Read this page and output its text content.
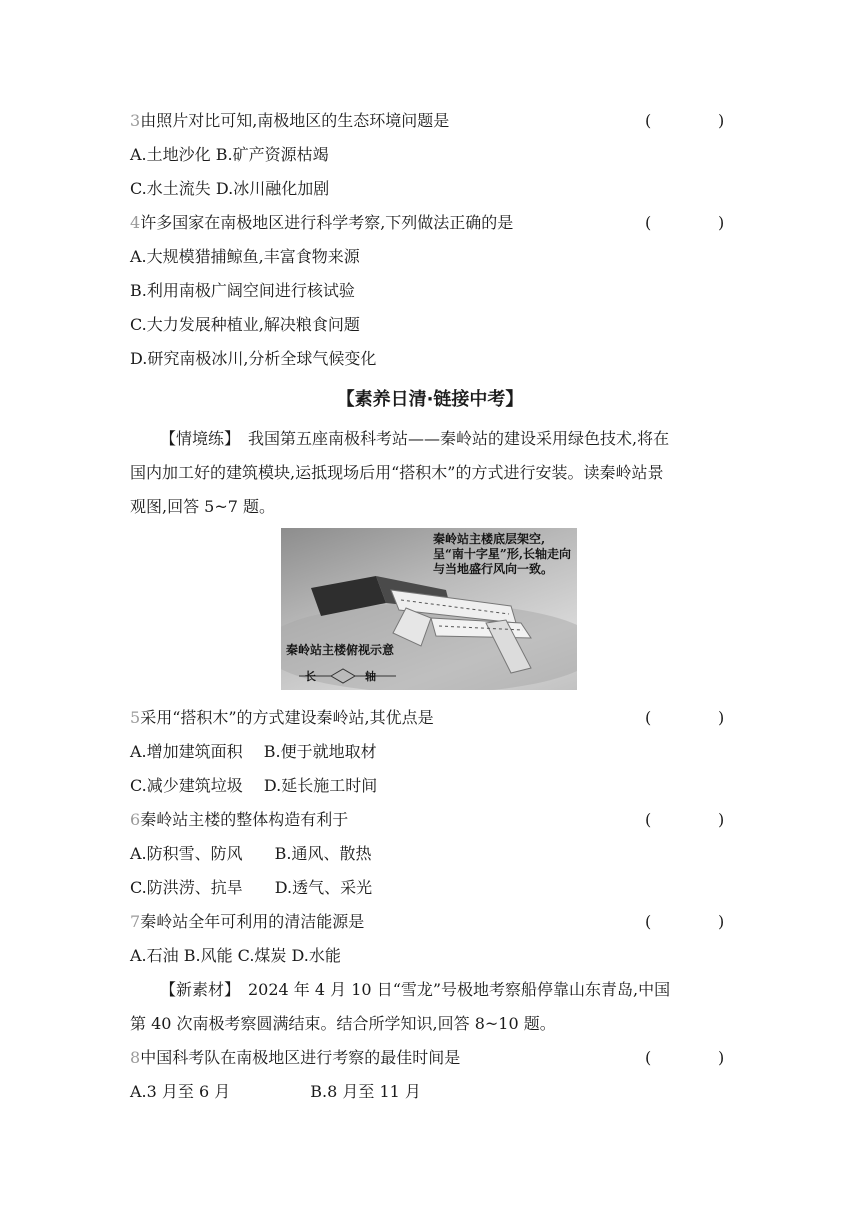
3由照片对比可知,南极地区的生态环境问题是	(	)
A.土地沙化 B.矿产资源枯竭
C.水土流失 D.冰川融化加剧
4许多国家在南极地区进行科学考察,下列做法正确的是	(	)
A.大规模猎捕鲸鱼,丰富食物来源
B.利用南极广阔空间进行核试验
C.大力发展种植业,解决粮食问题
D.研究南极冰川,分析全球气候变化
【素养日清·链接中考】
【情境练】　我国第五座南极科考站——秦岭站的建设采用绿色技术,将在
国内加工好的建筑模块,运抵现场后用“搭积木”的方式进行安装。读秦岭站景
观图,回答 5~7 题。
秦岭站主楼底层架空,
呈“南十字星”形,长轴走向
与当地盛行风向一致。
秦岭站主楼俯视示意
长	轴
5采用“搭积木”的方式建设秦岭站,其优点是	(	)
A.增加建筑面积　 B.便于就地取材
C.减少建筑垃圾　 D.延长施工时间
6秦岭站主楼的整体构造有利于	(	)
A.防积雪、防风　　B.通风、散热
C.防洪涝、抗旱　　D.透气、采光
7秦岭站全年可利用的清洁能源是	(	)
A.石油 B.风能 C.煤炭 D.水能
【新素材】　2024 年 4 月 10 日“雪龙”号极地考察船停靠山东青岛,中国
第 40 次南极考察圆满结束。结合所学知识,回答 8~10 题。
8中国科考队在南极地区进行考察的最佳时间是	(	)
A.3 月至 6 月　　　　　B.8 月至 11 月
